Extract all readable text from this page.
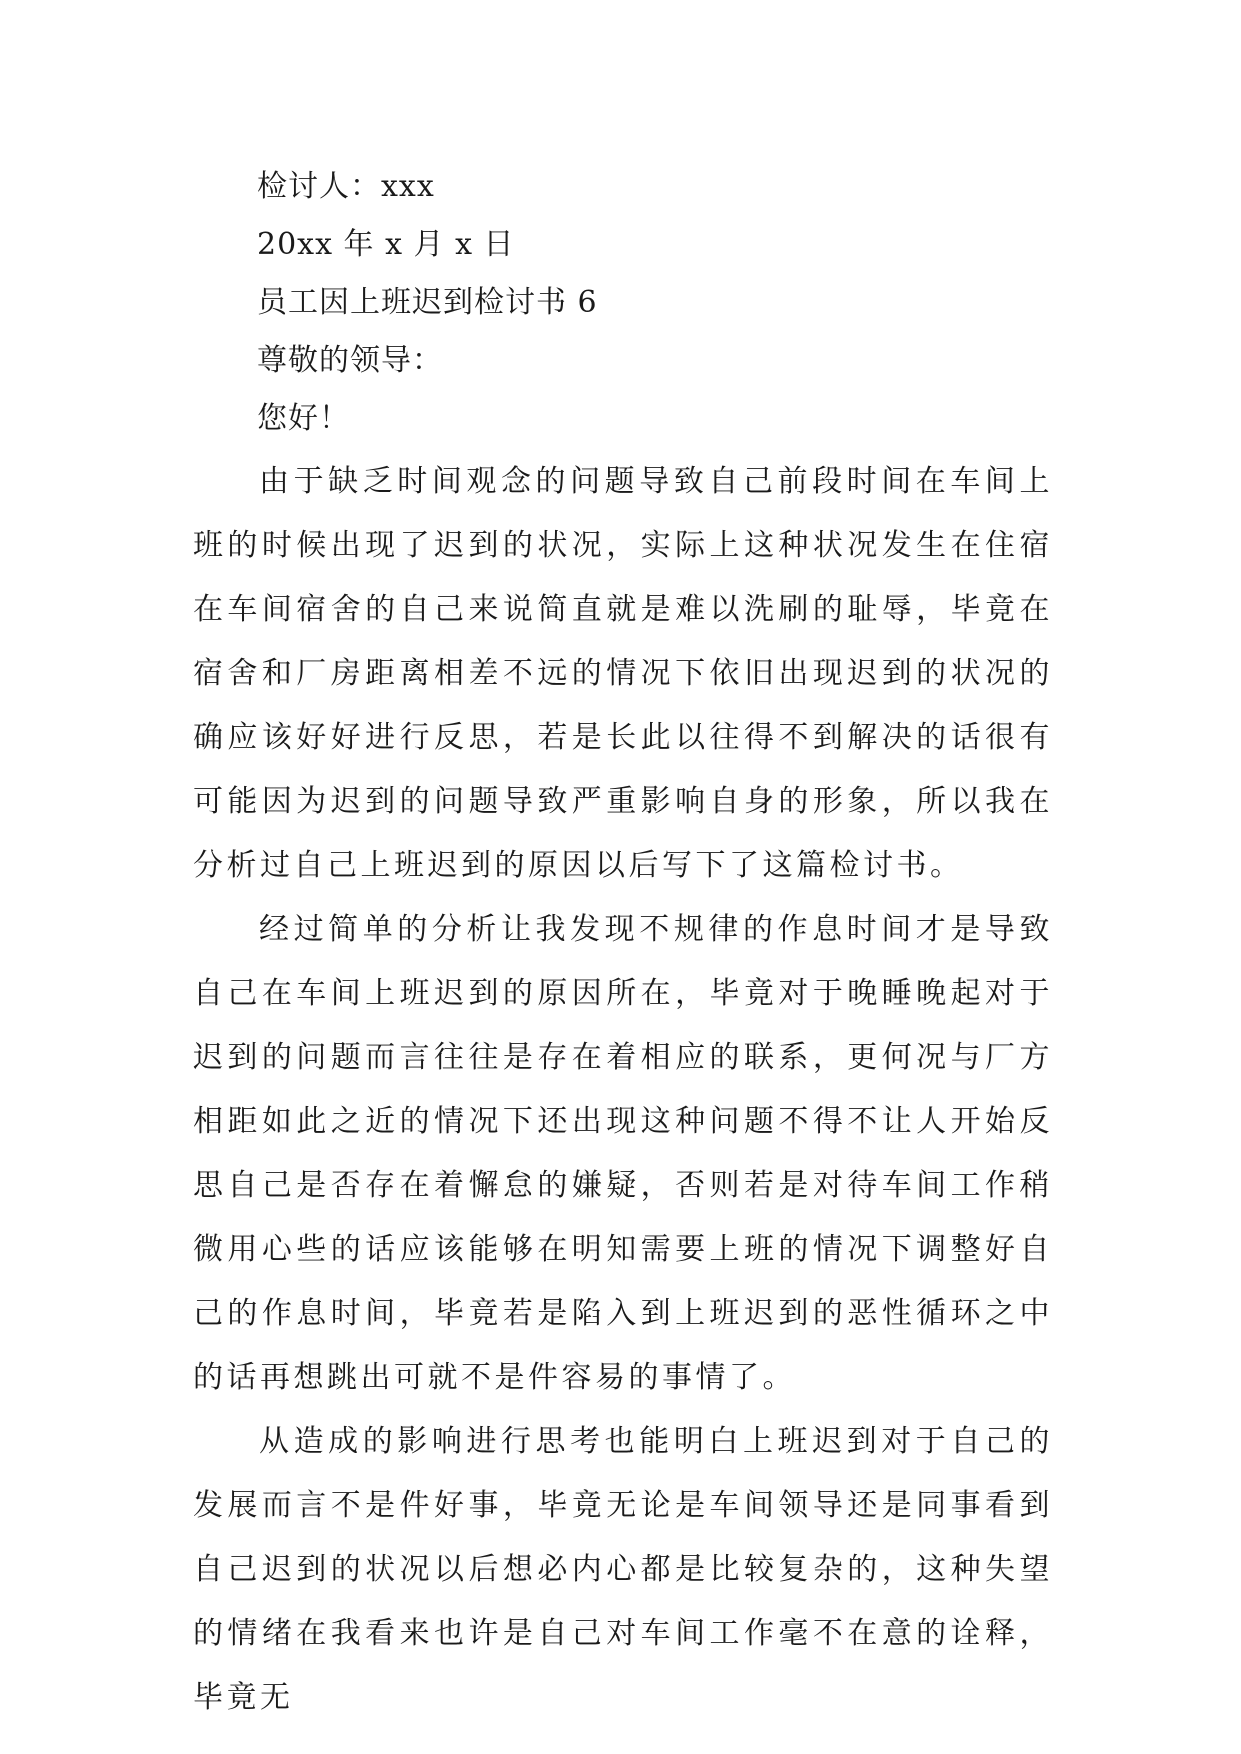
检讨人：xxx
20xx 年 x 月 x 日
员工因上班迟到检讨书 6
尊敬的领导：
您好！

由于缺乏时间观念的问题导致自己前段时间在车间上班的时候出现了迟到的状况，实际上这种状况发生在住宿在车间宿舍的自己来说简直就是难以洗刷的耻辱，毕竟在宿舍和厂房距离相差不远的情况下依旧出现迟到的状况的确应该好好进行反思，若是长此以往得不到解决的话很有可能因为迟到的问题导致严重影响自身的形象，所以我在分析过自己上班迟到的原因以后写下了这篇检讨书。

经过简单的分析让我发现不规律的作息时间才是导致自己在车间上班迟到的原因所在，毕竟对于晚睡晚起对于迟到的问题而言往往是存在着相应的联系，更何况与厂方相距如此之近的情况下还出现这种问题不得不让人开始反思自己是否存在着懈怠的嫌疑，否则若是对待车间工作稍微用心些的话应该能够在明知需要上班的情况下调整好自己的作息时间，毕竟若是陷入到上班迟到的恶性循环之中的话再想跳出可就不是件容易的事情了。

从造成的影响进行思考也能明白上班迟到对于自己的发展而言不是件好事，毕竟无论是车间领导还是同事看到自己迟到的状况以后想必内心都是比较复杂的，这种失望的情绪在我看来也许是自己对车间工作毫不在意的诠释，毕竟无
